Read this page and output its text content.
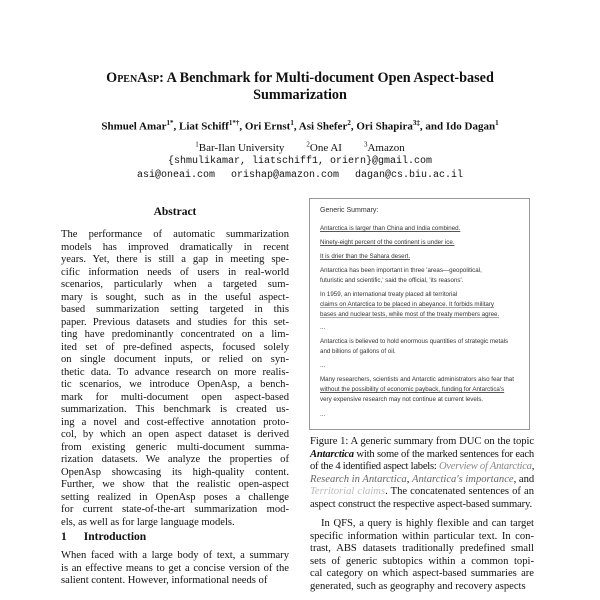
OpenAsp: A Benchmark for Multi-document Open Aspect-based
Summarization
Shmuel Amar$^{1*}$, Liat Schiff$^{1*\dagger}$, Ori Ernst$^1$, Asi Shefer$^2$, Ori Shapira$^{3\ddagger}$, and Ido Dagan$^1$
$^1$Bar-Ilan University	$^2$One AI	$^3$Amazon
{shmulikamar, liatschiff1, oriern}@gmail.com
asi@oneai.com orishap@amazon.com dagan@cs.biu.ac.il
Abstract
1 Introduction
Generic Summary:
Antarctica is larger than China and India combined.
Ninety-eight percent of the continent is under ice.
It is drier than the Sahara desert.
Antarctica has been important in three 'areas—geopolitical,
futuristic and scientific,' said the official, 'its reasons'.
In 1959, an international treaty placed all territorial
claims on Antarctica to be placed in abeyance. It forbids military
bases and nuclear tests, while most of the treaty members agree.
...
Antarctica is believed to hold enormous quantities of strategic metals
and billions of gallons of oil.
...
Many researchers, scientists and Antarctic administrators also fear that
without the possibility of economic payback, funding for Antarctica's
very expensive research may not continue at current levels.
...
The performance of automatic summarization
models has improved dramatically in recent
years. Yet, there is still a gap in meeting spe-
cific information needs of users in real-world
scenarios, particularly when a targeted sum-
mary is sought, such as in the useful aspect-
based summarization setting targeted in this
paper. Previous datasets and studies for this set-
ting have predominantly concentrated on a lim-
ited set of pre-defined aspects, focused solely
on single document inputs, or relied on syn-
thetic data. To advance research on more realis-
tic scenarios, we introduce OpenAsp, a bench-
mark for multi-document open aspect-based
summarization. This benchmark is created us-
ing a novel and cost-effective annotation proto-
col, by which an open aspect dataset is derived
from existing generic multi-document summa-
rization datasets. We analyze the properties of
OpenAsp showcasing its high-quality content.
Further, we show that the realistic open-aspect
setting realized in OpenAsp poses a challenge
for current state-of-the-art summarization mod-
els, as well as for large language models.
When faced with a large body of text, a summary
is an effective means to get a concise version of the
salient content. However, informational needs of
Figure 1: A generic summary from DUC on the topic
Antarctica with some of the marked sentences for each
of the 4 identified aspect labels: Overview of Antarctica,
Research in Antarctica, Antarctica's importance, and
Territorial claims. The concatenated sentences of an
aspect construct the respective aspect-based summary.
In QFS, a query is highly flexible and can target
specific information within particular text. In con-
trast, ABS datasets traditionally predefined small
sets of generic subtopics within a common topi-
cal category on which aspect-based summaries are
generated, such as geography and recovery aspects
